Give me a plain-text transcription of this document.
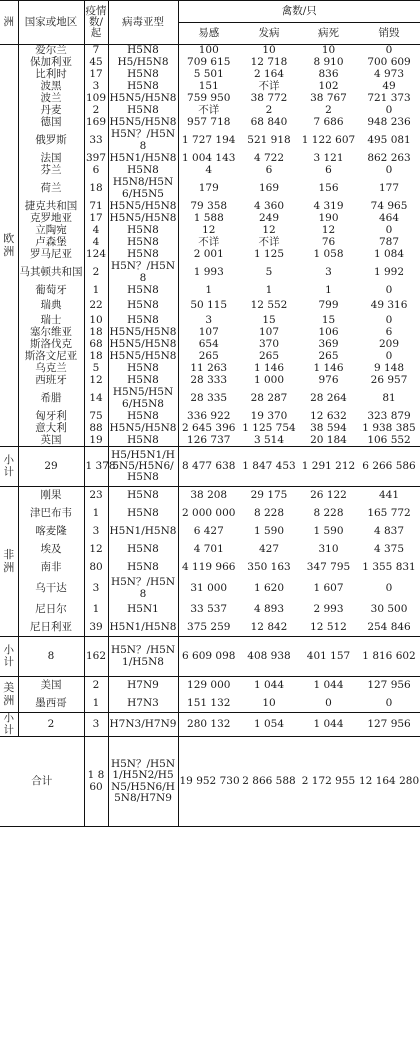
洲	国家或地区	疫情数/起	病毒亚型	禽数/只			
				易感	发病	病死	销毁

欧洲	爱尔兰	7	H5N8	100	10	10	0
	保加利亚	45	H5/H5N8	709 615	12 718	8 910	700 609
	比利时	17	H5N8	5 501	2 164	836	4 973
	波黑	3	H5N8	151	不详	102	49
	波兰	109	H5N5/H5N8	759 950	38 772	38 767	721 373
	丹麦	2	H5N8	不详	2	2	0
	德国	169	H5N5/H5N8	957 718	68 840	7 686	948 236
	俄罗斯	33	H5N？/H5N8	1 727 194	521 918	1 122 607	495 081
	法国	397	H5N1/H5N8	1 004 143	4 722	3 121	862 263
	芬兰	6	H5N8	4	6	6	0
	荷兰	18	H5N8/H5N6/H5N5	179	169	156	177
	捷克共和国	71	H5N5/H5N8	79 358	4 360	4 319	74 965
	克罗地亚	17	H5N5/H5N8	1 588	249	190	464
	立陶宛	4	H5N8	12	12	12	0
	卢森堡	4	H5N8	不详	不详	76	787
	罗马尼亚	124	H5N8	2 001	1 125	1 058	1 084
	马其顿共和国	2	H5N？/H5N8	1 993	5	3	1 992
	葡萄牙	1	H5N8	1	1	1	0
	瑞典	22	H5N8	50 115	12 552	799	49 316
	瑞士	10	H5N8	3	15	15	0
	塞尔维亚	18	H5N5/H5N8	107	107	106	6
	斯洛伐克	68	H5N5/H5N8	654	370	369	209
	斯洛文尼亚	18	H5N5/H5N8	265	265	265	0
	乌克兰	5	H5N8	11 263	1 146	1 146	9 148
	西班牙	12	H5N8	28 333	1 000	976	26 957
	希腊	14	H5N5/H5N6/H5N8	28 335	28 287	28 264	81
	匈牙利	75	H5N8	336 922	19 370	12 632	323 879
	意大利	88	H5N5/H5N8	2 645 396	1 125 754	38 594	1 938 385
	英国	19	H5N8	126 737	3 514	20 184	106 552
小计	29	1 378	H5/H5N1/H5N5/H5N6/H5N8	8 477 638	1 847 453	1 291 212	6 266 586

非洲	刚果	23	H5N8	38 208	29 175	26 122	441
	津巴布韦	1	H5N8	2 000 000	8 228	8 228	165 772
	喀麦隆	3	H5N1/H5N8	6 427	1 590	1 590	4 837
	埃及	12	H5N8	4 701	427	310	4 375
	南非	80	H5N8	4 119 966	350 163	347 795	1 355 831
	乌干达	3	H5N？/H5N8	31 000	1 620	1 607	0
	尼日尔	1	H5N1	33 537	4 893	2 993	30 500
	尼日利亚	39	H5N1/H5N8	375 259	12 842	12 512	254 846
小计	8	162	H5N？/H5N1/H5N8	6 609 098	408 938	401 157	1 816 602

美洲	美国	2	H7N9	129 000	1 044	1 044	127 956
	墨西哥	1	H7N3	151 132	10	0	0
小计	2	3	H7N3/H7N9	280 132	1 054	1 044	127 956
合计		1 860	H5N？/H5N1/H5N2/H5N5/H5N6/H5N8/H7N9	19 952 730	2 866 588	2 172 955	12 164 280
